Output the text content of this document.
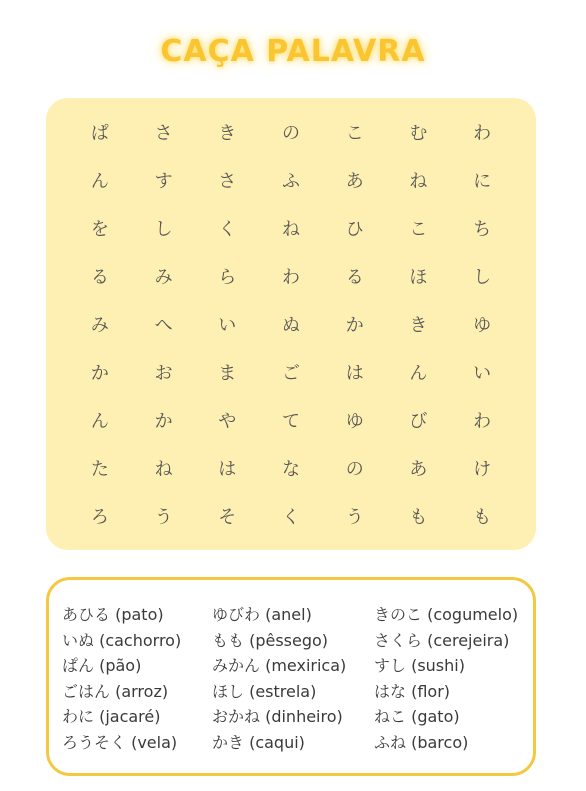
CAÇA PALAVRA
ぱ	さ	き	の	こ	む	わ
ん	す	さ	ふ	あ	ね	に
を	し	く	ね	ひ	こ	ち
る	み	ら	わ	る	ほ	し
み	へ	い	ぬ	か	き	ゆ
か	お	ま	ご	は	ん	い
ん	か	や	て	ゆ	び	わ
た	ね	は	な	の	あ	け
ろ	う	そ	く	う	も	も
あひる (pato)	ゆびわ (anel)	きのこ (cogumelo)
いぬ (cachorro)	もも (pêssego)	さくら (cerejeira)
ぱん (pão)	みかん (mexirica)	すし (sushi)
ごはん (arroz)	ほし (estrela)	はな (flor)
わに (jacaré)	おかね (dinheiro)	ねこ (gato)
ろうそく (vela)	かき (caqui)	ふね (barco)
